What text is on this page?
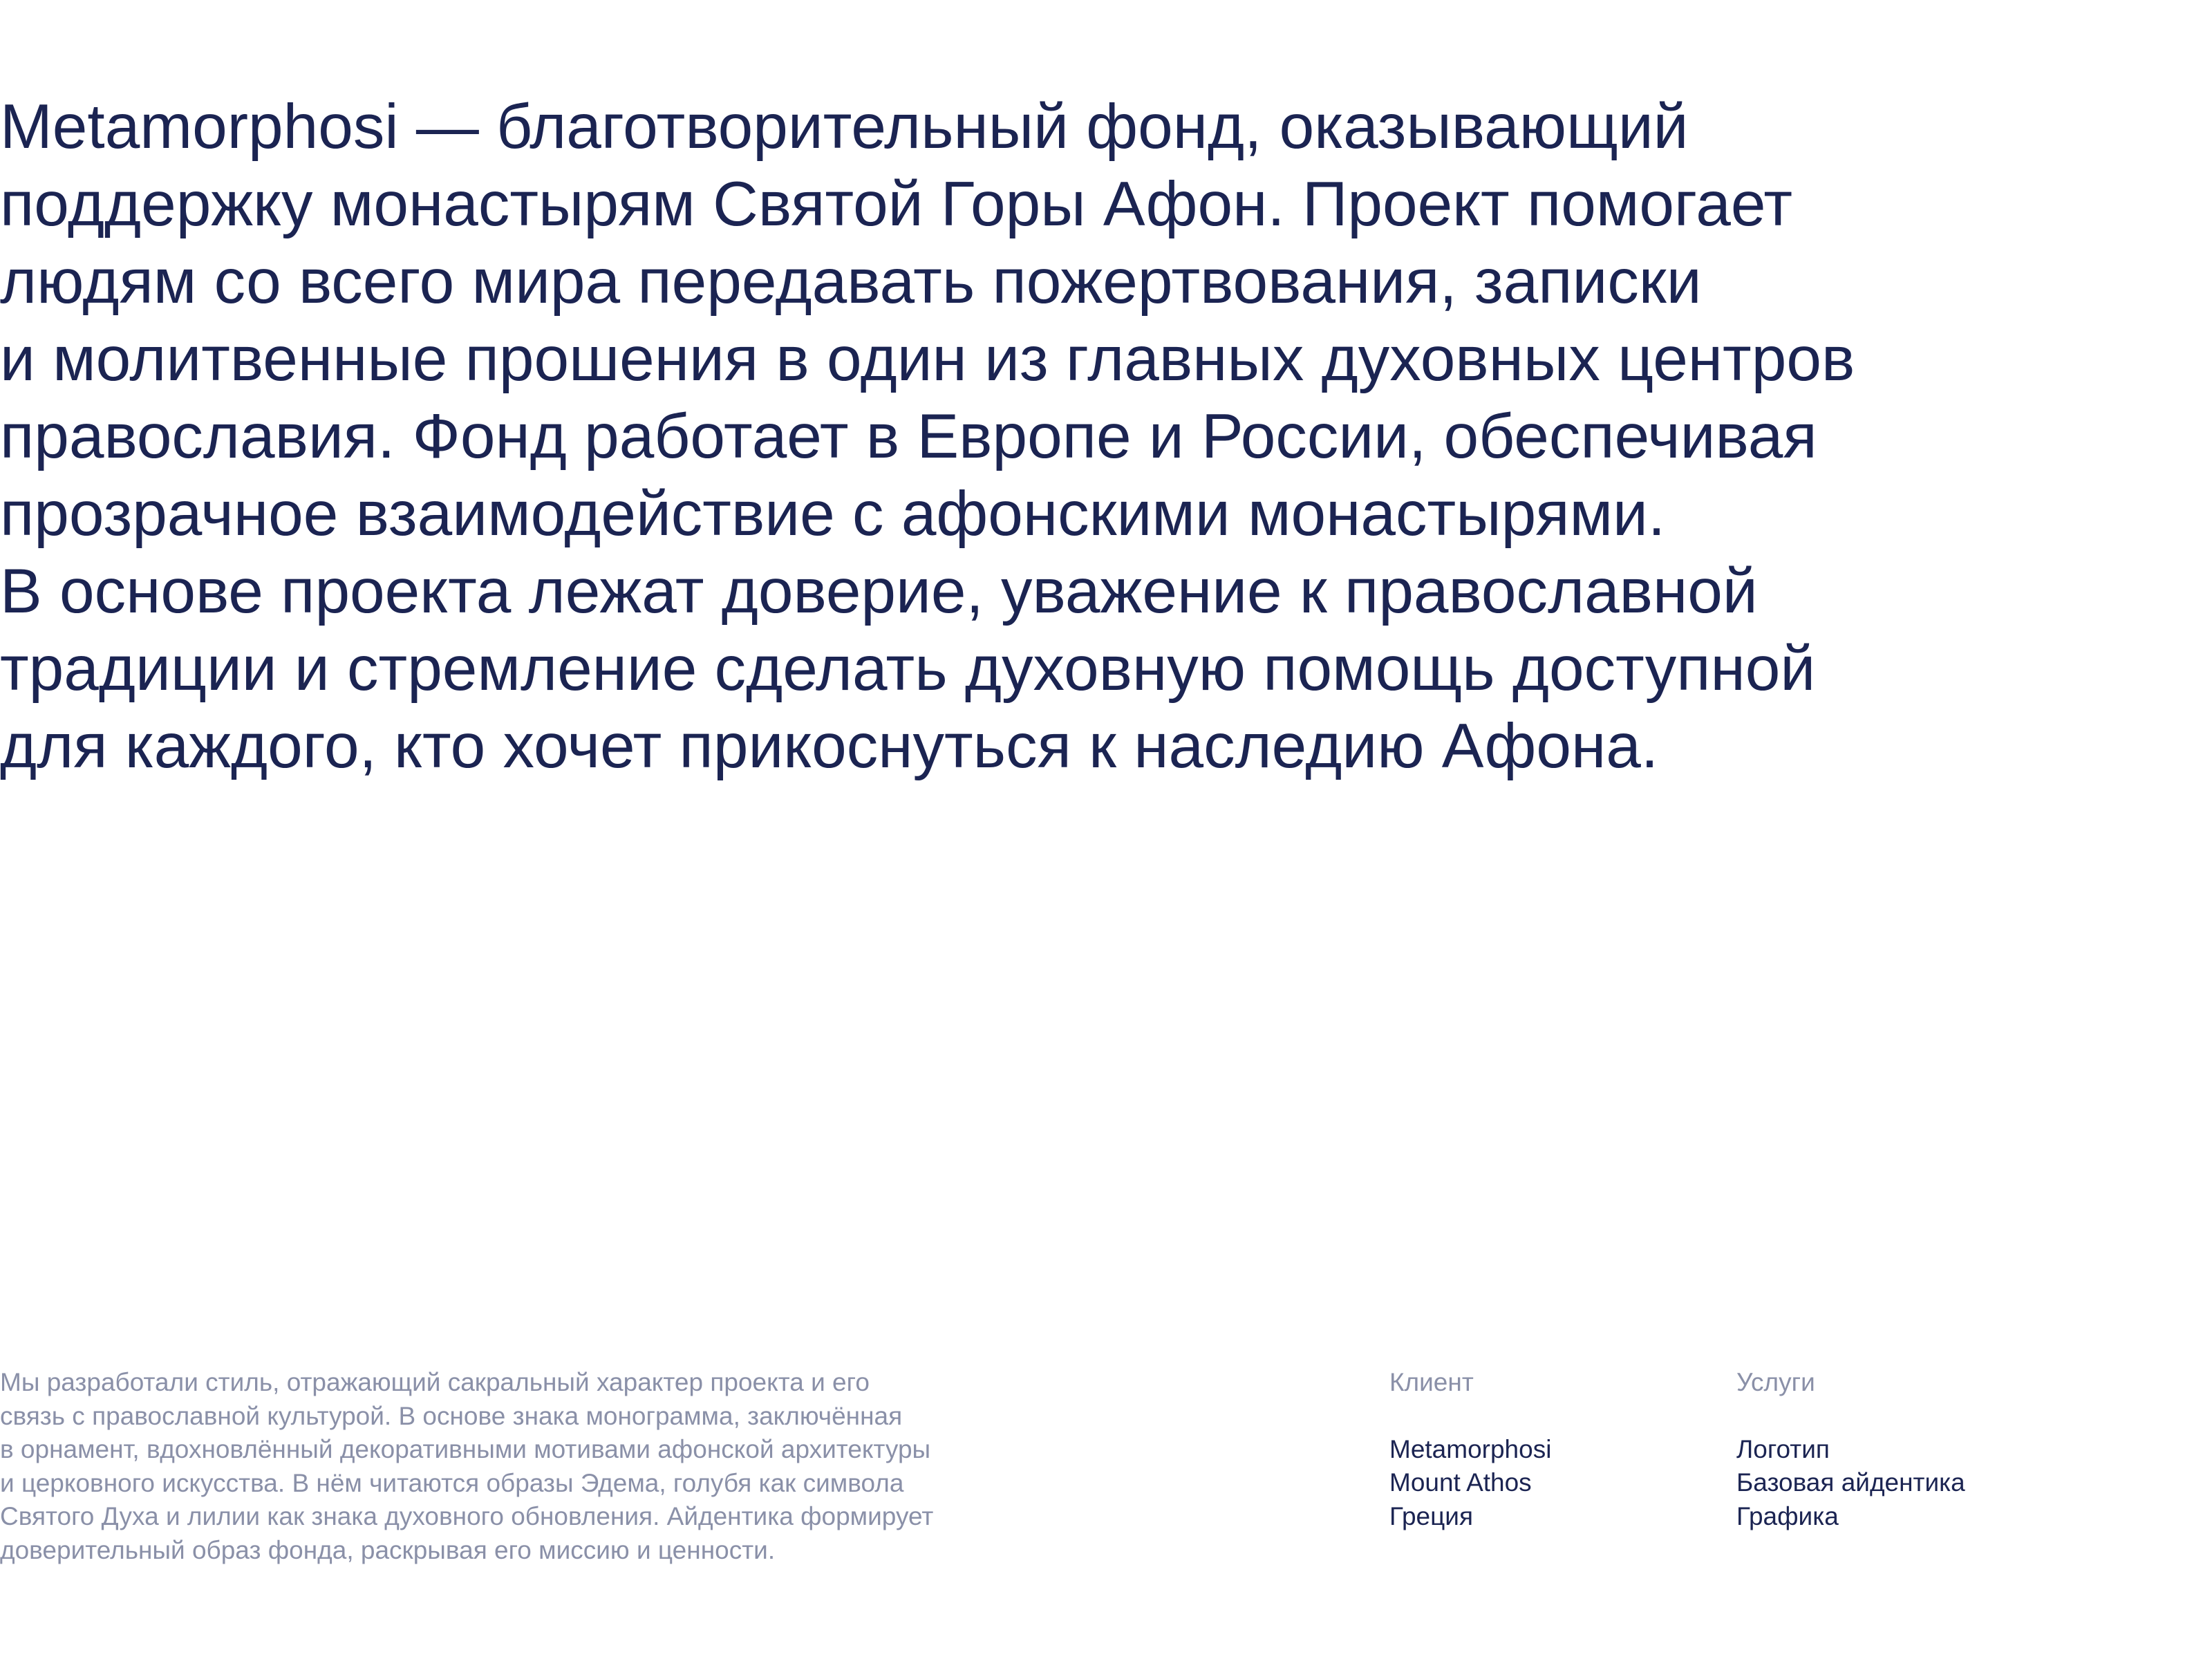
Metamorphosi — благотворительный фонд, оказывающий

поддержку монастырям Святой Горы Афон. Проект помогает

людям со всего мира передавать пожертвования, записки

и молитвенные прошения в один из главных духовных центров

православия. Фонд работает в Европе и России, обеспечивая

прозрачное взаимодействие с афонскими монастырями.

В основе проекта лежат доверие, уважение к православной

традиции и стремление сделать духовную помощь доступной

для каждого, кто хочет прикоснуться к наследию Афона.

Мы разработали стиль, отражающий сакральный характер проекта и его
связь с православной культурой. В основе знака монограмма, заключённая
в орнамент, вдохновлённый декоративными мотивами афонской архитектуры
и церковного искусства. В нём читаются образы Эдема, голубя как символа
Святого Духа и лилии как знака духовного обновления. Айдентика формирует
доверительный образ фонда, раскрывая его миссию и ценности.

Клиент

Metamorphosi
Mount Athos
Греция

Услуги

Логотип
Базовая айдентика
Графика
